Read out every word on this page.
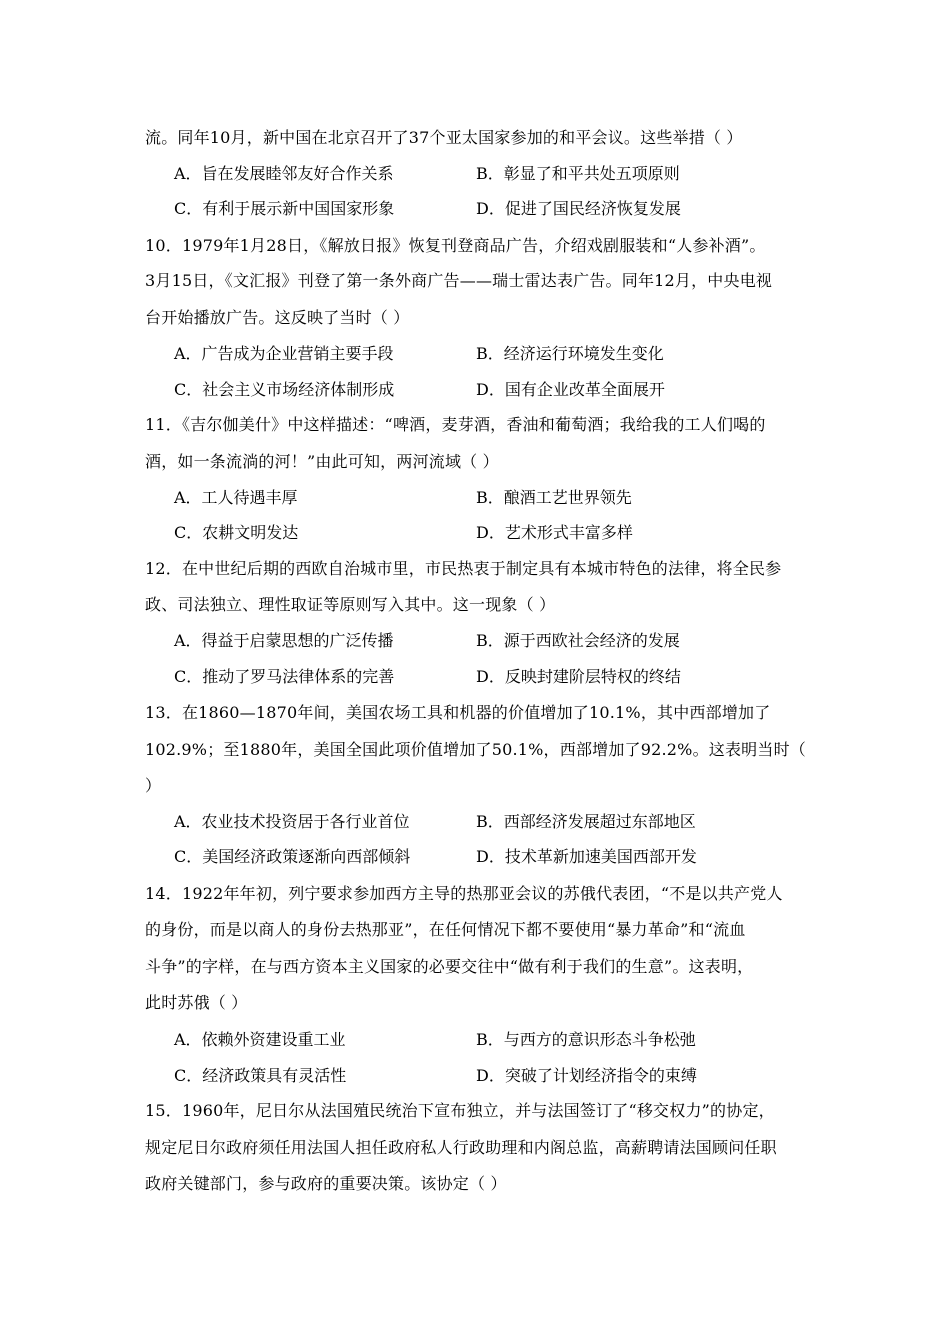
流。同年10月，新中国在北京召开了37个亚太国家参加的和平会议。这些举措（ ）
A．旨在发展睦邻友好合作关系	B．彰显了和平共处五项原则
C．有利于展示新中国国家形象	D．促进了国民经济恢复发展
10．1979年1月28日，《解放日报》恢复刊登商品广告，介绍戏剧服装和“人参补酒”。
3月15日，《文汇报》刊登了第一条外商广告——瑞士雷达表广告。同年12月，中央电视
台开始播放广告。这反映了当时（ ）
A．广告成为企业营销主要手段	B．经济运行环境发生变化
C．社会主义市场经济体制形成	D．国有企业改革全面展开
11．《吉尔伽美什》中这样描述：“啤酒，麦芽酒，香油和葡萄酒；我给我的工人们喝的
酒，如一条流淌的河！”由此可知，两河流域（ ）
A．工人待遇丰厚	B．酿酒工艺世界领先
C．农耕文明发达	D．艺术形式丰富多样
12．在中世纪后期的西欧自治城市里，市民热衷于制定具有本城市特色的法律，将全民参
政、司法独立、理性取证等原则写入其中。这一现象（ ）
A．得益于启蒙思想的广泛传播	B．源于西欧社会经济的发展
C．推动了罗马法律体系的完善	D．反映封建阶层特权的终结
13．在1860—1870年间，美国农场工具和机器的价值增加了10.1%，其中西部增加了
102.9%；至1880年，美国全国此项价值增加了50.1%，西部增加了92.2%。这表明当时（
）
A．农业技术投资居于各行业首位	B．西部经济发展超过东部地区
C．美国经济政策逐渐向西部倾斜	D．技术革新加速美国西部开发
14．1922年年初，列宁要求参加西方主导的热那亚会议的苏俄代表团，“不是以共产党人
的身份，而是以商人的身份去热那亚”，在任何情况下都不要使用“暴力革命”和“流血
斗争”的字样，在与西方资本主义国家的必要交往中“做有利于我们的生意”。这表明，
此时苏俄（ ）
A．依赖外资建设重工业	B．与西方的意识形态斗争松弛
C．经济政策具有灵活性	D．突破了计划经济指令的束缚
15．1960年，尼日尔从法国殖民统治下宣布独立，并与法国签订了“移交权力”的协定，
规定尼日尔政府须任用法国人担任政府私人行政助理和内阁总监，高薪聘请法国顾问任职
政府关键部门，参与政府的重要决策。该协定（ ）
